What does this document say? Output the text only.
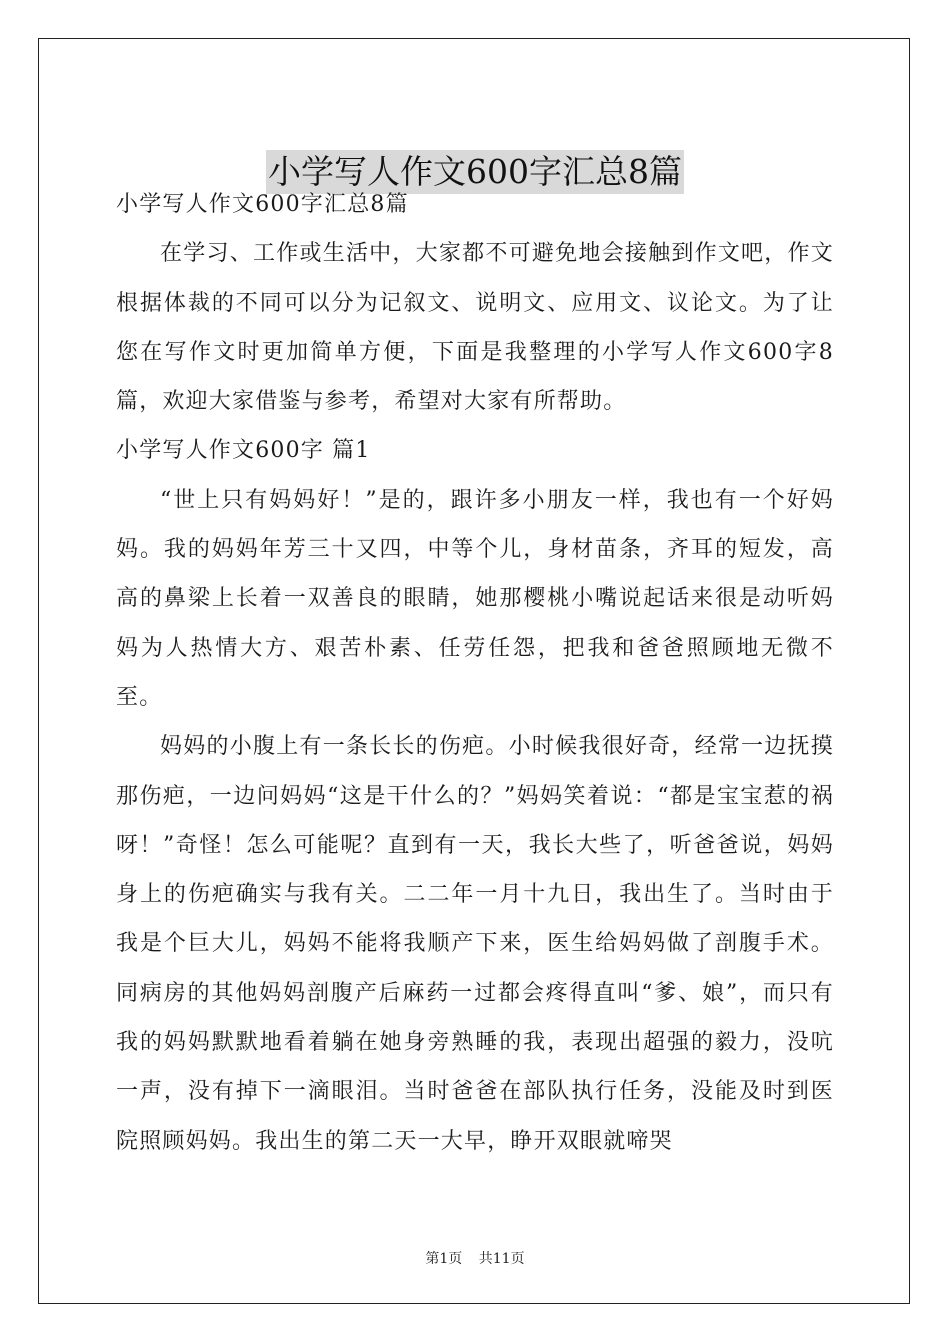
小学写人作文600字汇总8篇

小学写人作文600字汇总8篇

在学习、工作或生活中，大家都不可避免地会接触到作文吧，作文根据体裁的不同可以分为记叙文、说明文、应用文、议论文。为了让您在写作文时更加简单方便，下面是我整理的小学写人作文600字8篇，欢迎大家借鉴与参考，希望对大家有所帮助。

小学写人作文600字 篇1

“世上只有妈妈好！”是的，跟许多小朋友一样，我也有一个好妈妈。我的妈妈年芳三十又四，中等个儿，身材苗条，齐耳的短发，高高的鼻梁上长着一双善良的眼睛，她那樱桃小嘴说起话来很是动听妈妈为人热情大方、艰苦朴素、任劳任怨，把我和爸爸照顾地无微不至。

妈妈的小腹上有一条长长的伤疤。小时候我很好奇，经常一边抚摸那伤疤，一边问妈妈“这是干什么的？”妈妈笑着说：“都是宝宝惹的祸呀！”奇怪！怎么可能呢？直到有一天，我长大些了，听爸爸说，妈妈身上的伤疤确实与我有关。二二年一月十九日，我出生了。当时由于我是个巨大儿，妈妈不能将我顺产下来，医生给妈妈做了剖腹手术。同病房的其他妈妈剖腹产后麻药一过都会疼得直叫“爹、娘”，而只有我的妈妈默默地看着躺在她身旁熟睡的我，表现出超强的毅力，没吭一声，没有掉下一滴眼泪。当时爸爸在部队执行任务，没能及时到医院照顾妈妈。我出生的第二天一大早，睁开双眼就啼哭

第1页 共11页
